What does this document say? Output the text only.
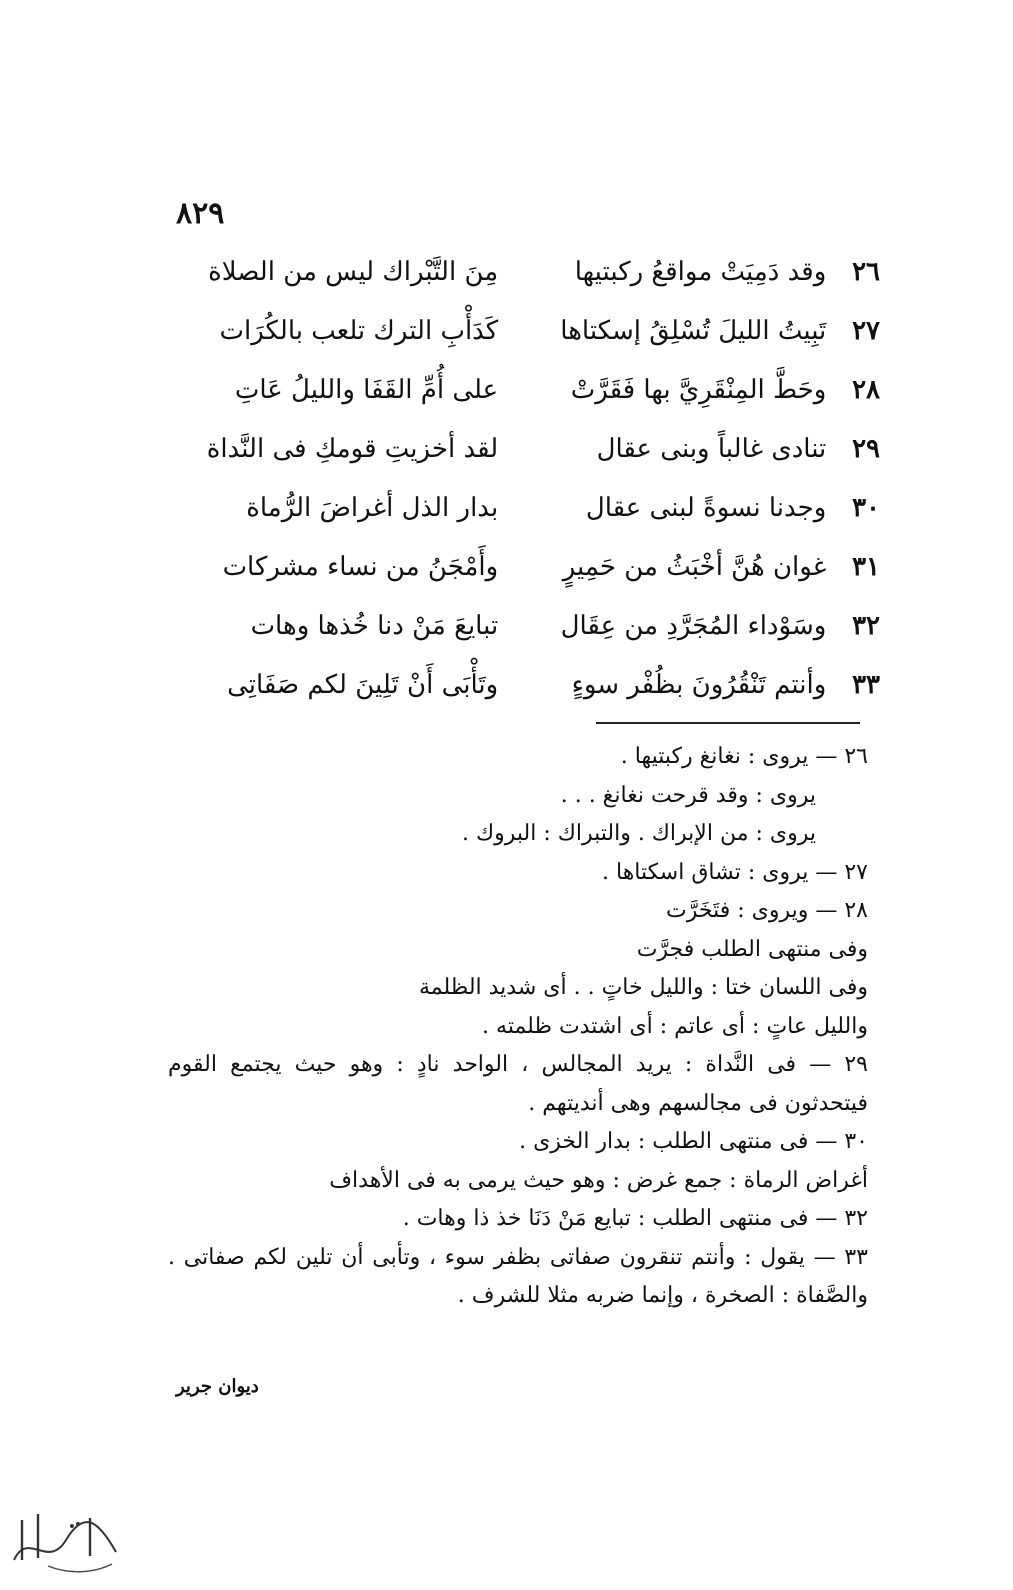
٨٢٩
٢٦
وقد دَمِيَتْ مواقعُ ركبتيها
مِنَ التَّبْراك ليس من الصلاة
٢٧
تَبِيتُ الليلَ تُسْلِقُ إسكتاها
كَدَأْبِ الترك تلعب بالكُرَات
٢٨
وحَطَّ المِنْقَرِيَّ بها فَقَرَّتْ
على أُمِّ القَفَا والليلُ عَاتِ
٢٩
تنادى غالباً وبنى عقال
لقد أخزيتِ قومكِ فى النَّداة
٣٠
وجدنا نسوةً لبنى عقال
بدار الذل أغراضَ الرُّماة
٣١
غوان هُنَّ أخْبَثُ من حَمِيرٍ
وأَمْجَنُ من نساء مشركات
٣٢
وسَوْداء المُجَرَّدِ من عِقَال
تبايعَ مَنْ دنا خُذها وهات
٣٣
وأنتم تَنْقُرُونَ بظُفْر سوءٍ
وتَأْبَى أَنْ تَلِينَ لكم صَفَاتِى
٢٦ — يروى : نغانغ ركبتيها .
يروى : وقد قرحت نغانغ . . .
يروى : من الإبراك . والتبراك : البروك .
٢٧ — يروى : تشاق اسكتاها .
٢٨ — ويروى : فتَخَرَّت
وفى منتهى الطلب فجرَّت
وفى اللسان ختا : والليل خاتٍ . . أى شديد الظلمة
والليل عاتٍ : أى عاتم : أى اشتدت ظلمته .
٢٩ — فى النَّداة : يريد المجالس ، الواحد نادٍ : وهو حيث يجتمع القوم
فيتحدثون فى مجالسهم وهى أنديتهم .
٣٠ — فى منتهى الطلب : بدار الخزى .
أغراض الرماة : جمع غرض : وهو حيث يرمى به فى الأهداف
٣٢ — فى منتهى الطلب : تبايع مَنْ دَنَا خذ ذا وهات .
٣٣ — يقول : وأنتم تنقرون صفاتى بظفر سوء ، وتأبى أن تلين لكم صفاتى .
والصَّفاة : الصخرة ، وإنما ضربه مثلا للشرف .
ديوان جرير
